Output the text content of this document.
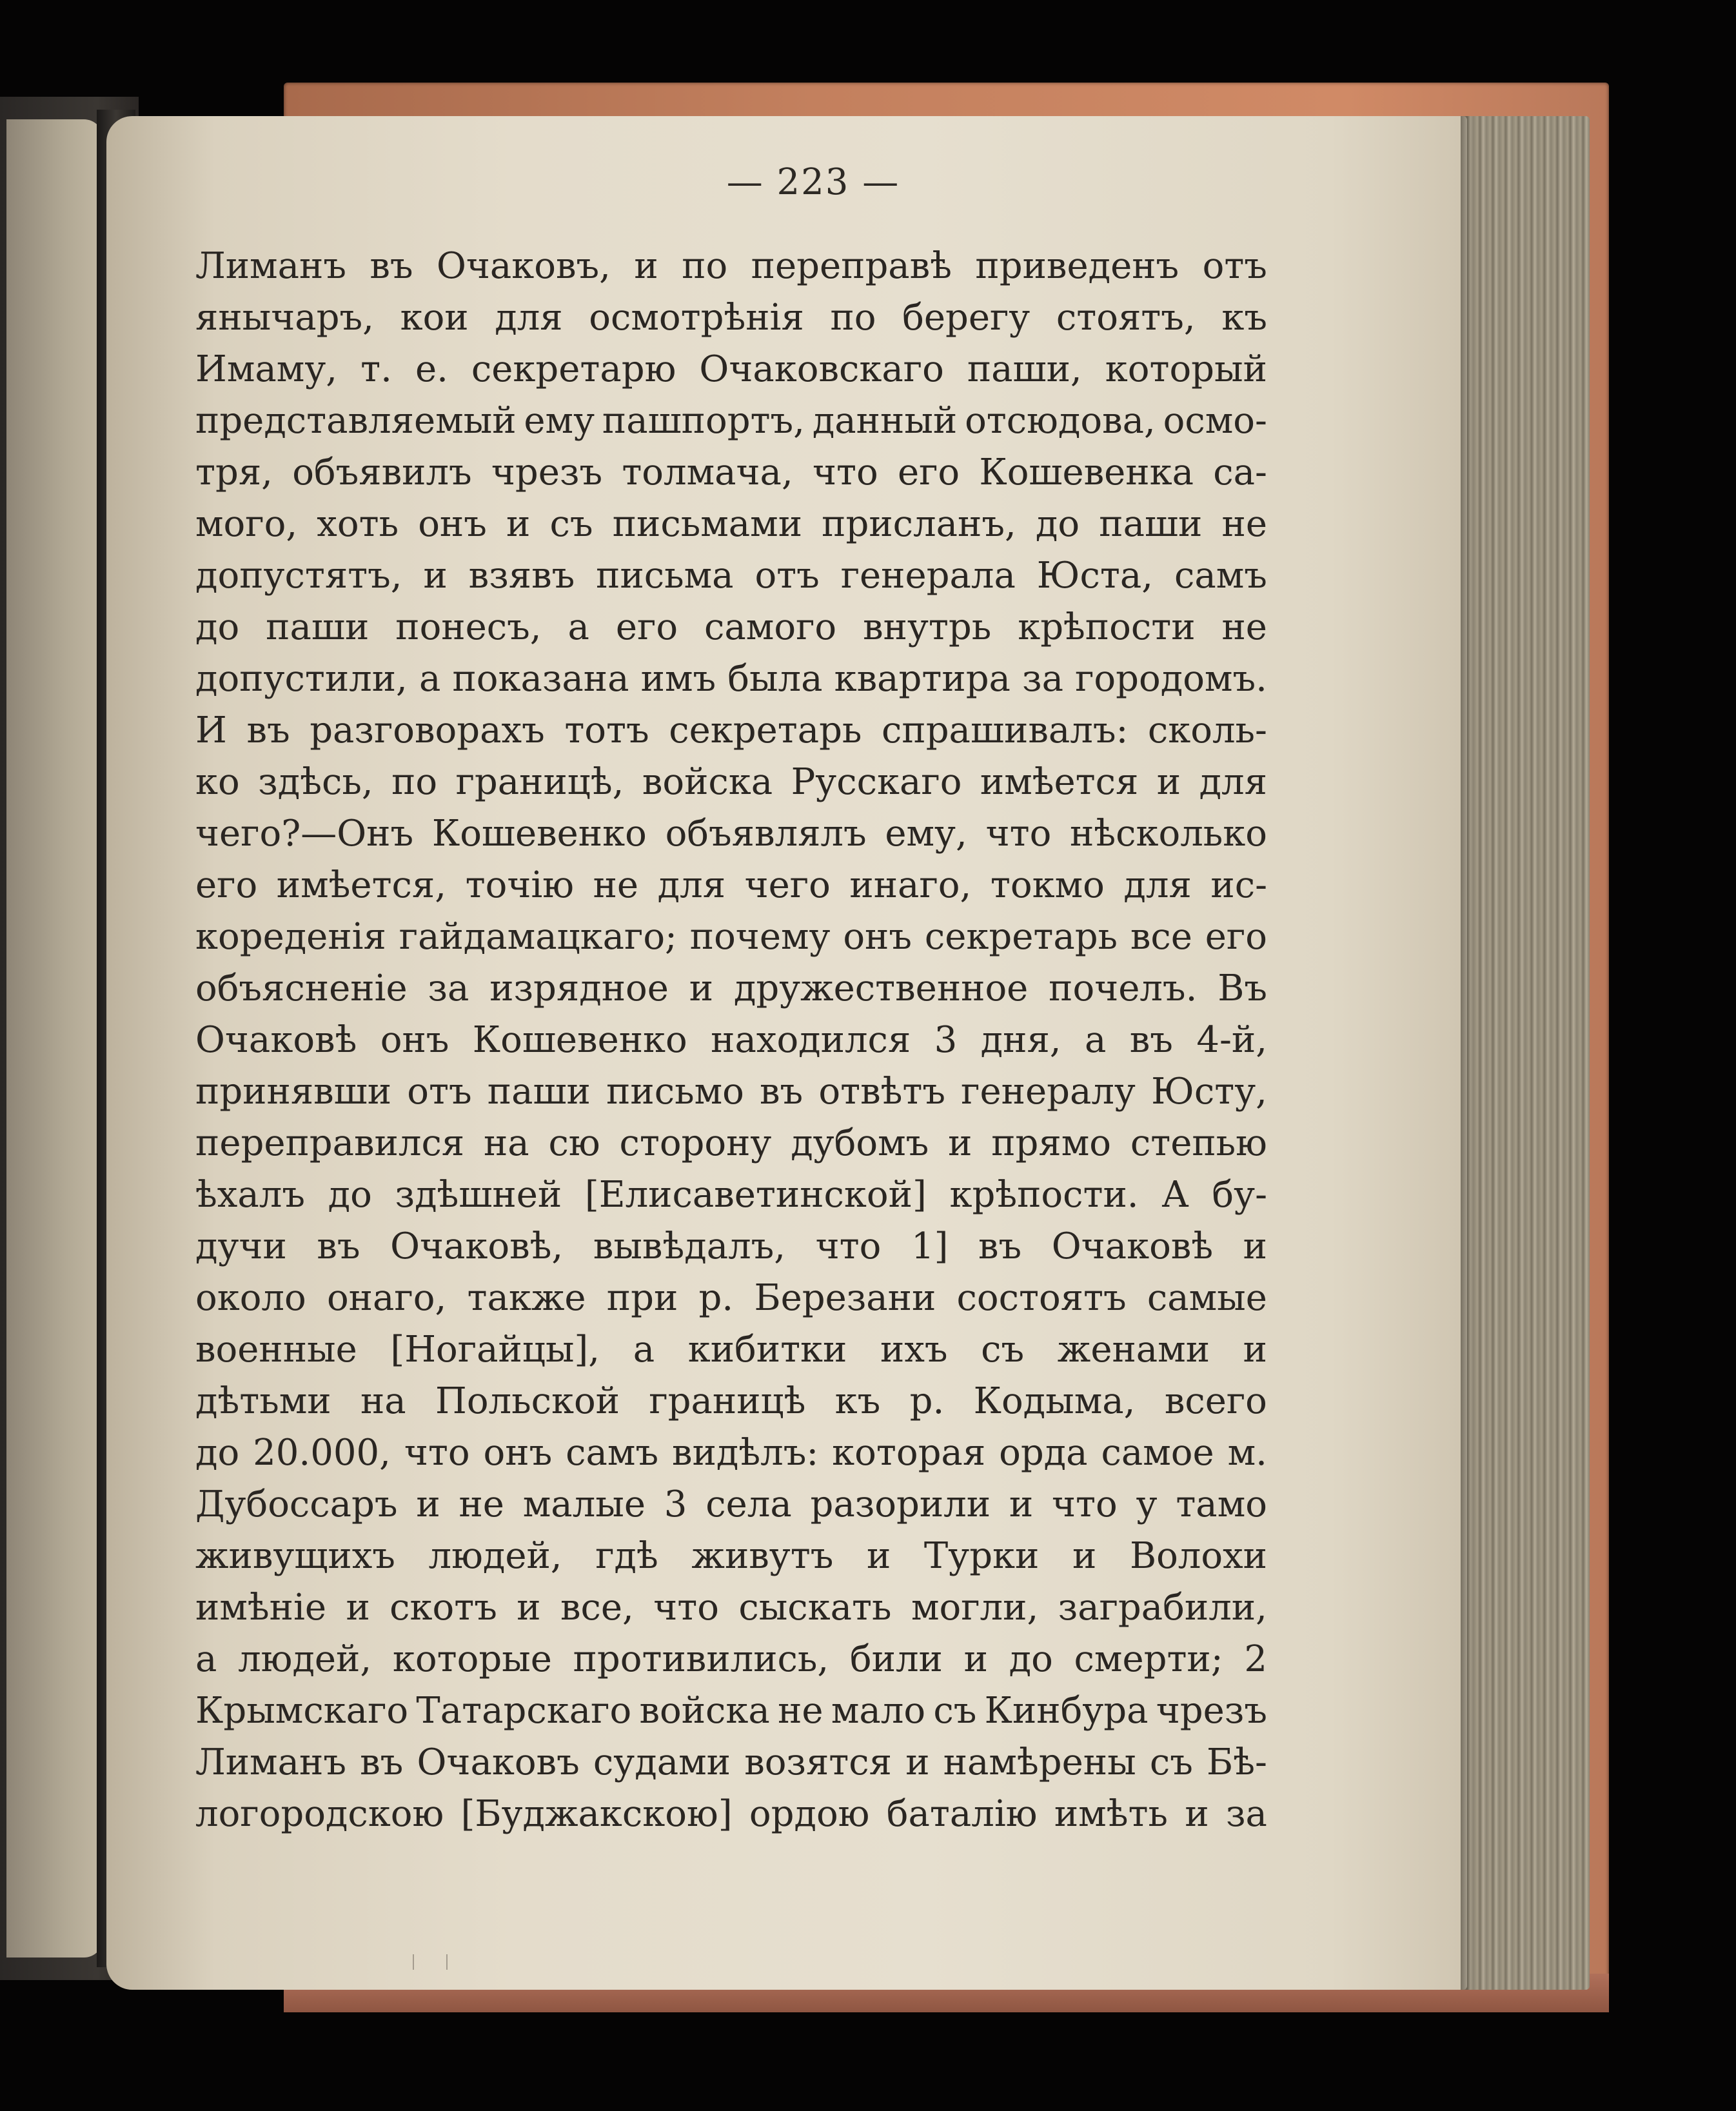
— 223 —
Лиманъ въ Очаковъ, и по переправѣ приведенъ отъ
янычаръ, кои для осмотрѣнія по берегу стоятъ, къ
Имаму, т. е. секретарю Очаковскаго паши, который
представляемый ему пашпортъ, данный отсюдова, осмо-
тря, объявилъ чрезъ толмача, что его Кошевенка са-
мого, хоть онъ и съ письмами присланъ, до паши не
допустятъ, и взявъ письма отъ генерала Юста, самъ
до паши понесъ, а его самого внутрь крѣпости не
допустили, а показана имъ была квартира за городомъ.
И въ разговорахъ тотъ секретарь спрашивалъ: сколь-
ко здѣсь, по границѣ, войска Русскаго имѣется и для
чего?—Онъ Кошевенко объявлялъ ему, что нѣсколько
его имѣется, точію не для чего инаго, токмо для ис-
кореденія гайдамацкаго; почему онъ секретарь все его
объясненіе за изрядное и дружественное почелъ. Въ
Очаковѣ онъ Кошевенко находился 3 дня, а въ 4-й,
принявши отъ паши письмо въ отвѣтъ генералу Юсту,
переправился на сю сторону дубомъ и прямо степью
ѣхалъ до здѣшней [Елисаветинской] крѣпости. А бу-
дучи въ Очаковѣ, вывѣдалъ, что 1] въ Очаковѣ и
около онаго, также при р. Березани состоятъ самые
военные [Ногайцы], а кибитки ихъ съ женами и
дѣтьми на Польской границѣ къ р. Кодыма, всего
до 20.000, что онъ самъ видѣлъ: которая орда самое м.
Дубоссаръ и не малые 3 села разорили и что у тамо
живущихъ людей, гдѣ живутъ и Турки и Волохи
имѣніе и скотъ и все, что сыскать могли, заграбили,
а людей, которые противились, били и до смерти; 2
Крымскаго Татарскаго войска не мало съ Кинбура чрезъ
Лиманъ въ Очаковъ судами возятся и намѣрены съ Бѣ-
логородскою [Буджакскою] ордою баталію имѣть и за
